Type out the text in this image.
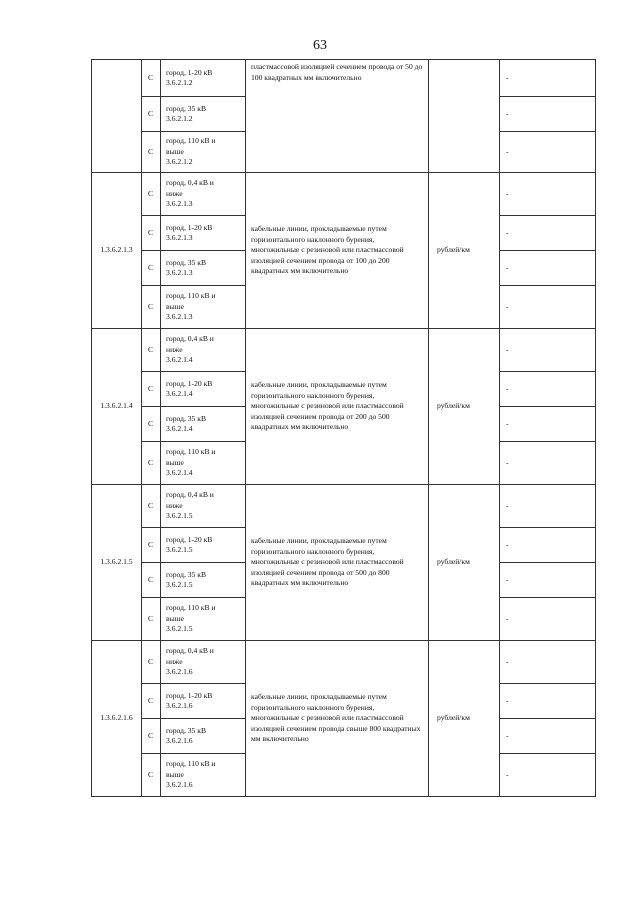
63
	С	город, 1-20 кВ
3.6.2.1.2	пластмассовой изоляцией сечением провода от 50 до 100 квадратных мм включительно		-
	С	город, 35 кВ
3.6.2.1.2			-
	С	город, 110 кВ и
выше
3.6.2.1.2			-
1.3.6.2.1.3	С	город, 0,4 кВ и
ниже
3.6.2.1.3	кабельные линии, прокладываемые путем горизонтального наклонного бурения, многожильные с резиновой или пластмассовой изоляцией сечением провода от 100 до 200 квадратных мм включительно	рублей/км	-
	С	город, 1-20 кВ
3.6.2.1.3			-
	С	город, 35 кВ
3.6.2.1.3			-
	С	город, 110 кВ и
выше
3.6.2.1.3			-
1.3.6.2.1.4	С	город, 0,4 кВ и
ниже
3.6.2.1.4	кабельные линии, прокладываемые путем горизонтального наклонного бурения, многожильные с резиновой или пластмассовой изоляцией сечением провода от 200 до 500 квадратных мм включительно	рублей/км	-
	С	город, 1-20 кВ
3.6.2.1.4			-
	С	город, 35 кВ
3.6.2.1.4			-
	С	город, 110 кВ и
выше
3.6.2.1.4			-
1.3.6.2.1.5	С	город, 0,4 кВ и
ниже
3.6.2.1.5	кабельные линии, прокладываемые путем горизонтального наклонного бурения, многожильные с резиновой или пластмассовой изоляцией сечением провода от 500 до 800 квадратных мм включительно	рублей/км	-
	С	город, 1-20 кВ
3.6.2.1.5			-
	С	город, 35 кВ
3.6.2.1.5			-
	С	город, 110 кВ и
выше
3.6.2.1.5			-
1.3.6.2.1.6	С	город, 0,4 кВ и
ниже
3.6.2.1.6	кабельные линии, прокладываемые путем горизонтального наклонного бурения, многожильные с резиновой или пластмассовой изоляцией сечением провода свыше 800 квадратных мм включительно	рублей/км	-
	С	город, 1-20 кВ
3.6.2.1.6			-
	С	город, 35 кВ
3.6.2.1.6			-
	С	город, 110 кВ и
выше
3.6.2.1.6			-
